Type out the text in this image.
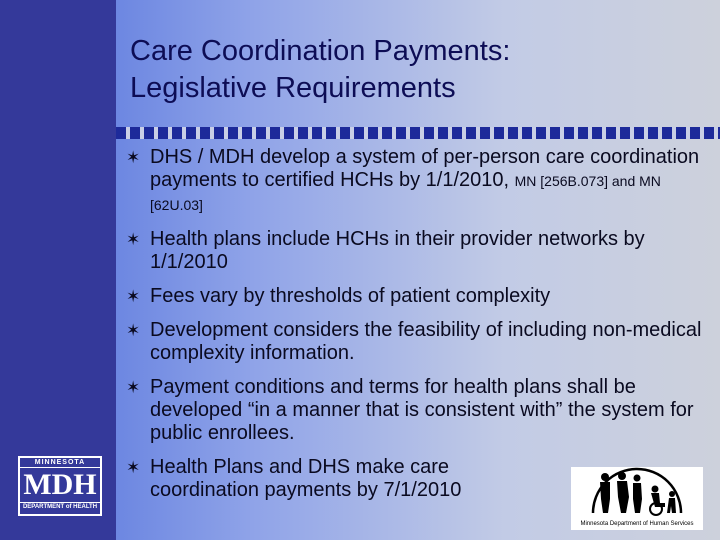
Care Coordination Payments:
Legislative Requirements
✶ DHS / MDH develop a system of per-person care coordination payments to certified HCHs by 1/1/2010, MN [256B.073] and MN [62U.03]
✶ Health plans include HCHs in their provider networks by 1/1/2010
✶ Fees vary by thresholds of patient complexity
✶ Development considers the feasibility of including non-medical complexity information.
✶ Payment conditions and terms for health plans shall be developed “in a manner that is consistent with” the system for public enrollees.
✶ Health Plans and DHS make care coordination payments by 7/1/2010
MINNESOTA
MDH
DEPARTMENT of HEALTH
Minnesota Department of Human Services
